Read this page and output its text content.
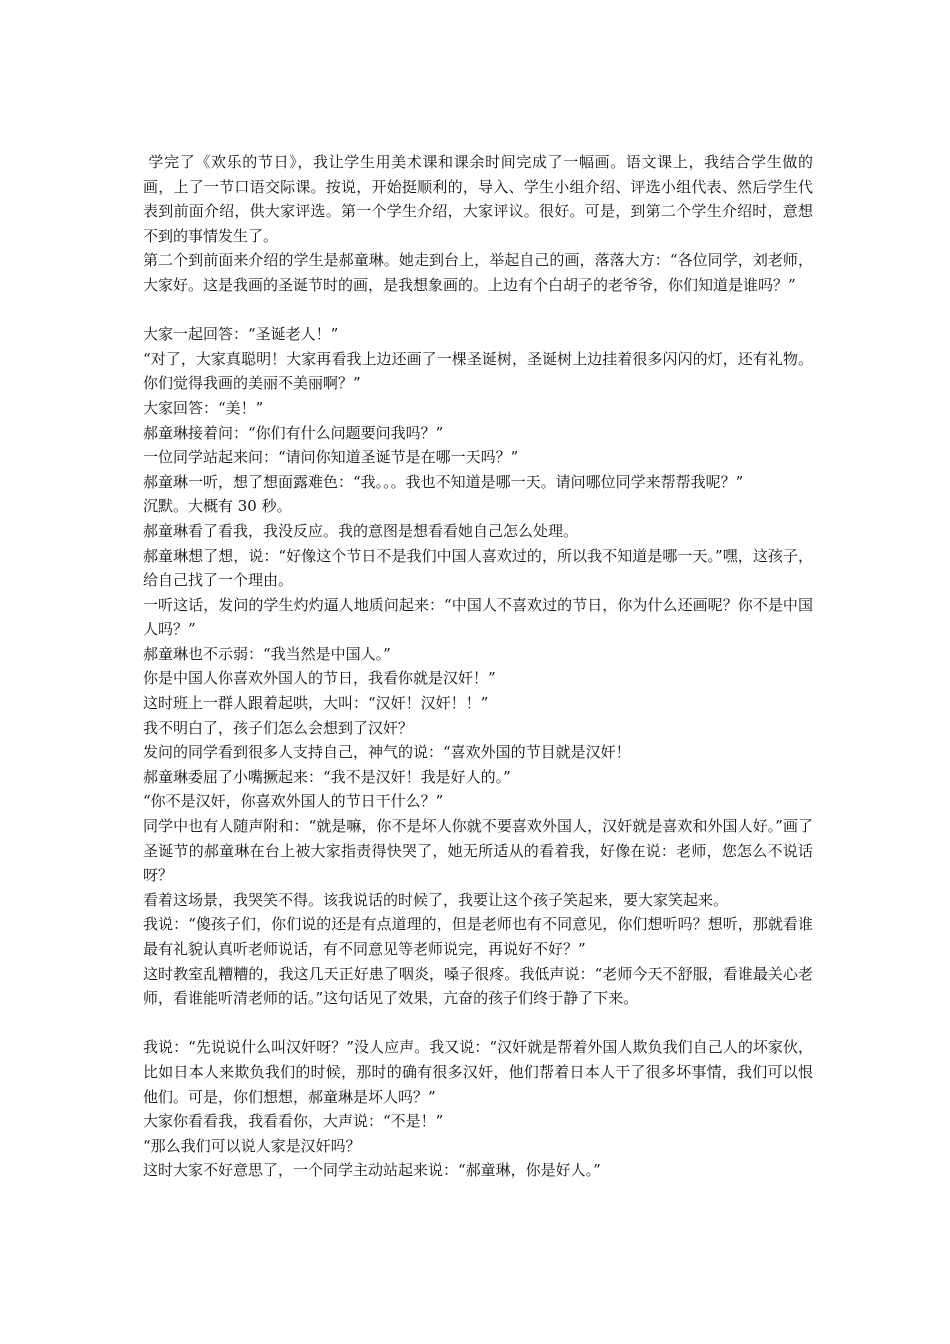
学完了《欢乐的节日》，我让学生用美术课和课余时间完成了一幅画。语文课上，我结合学生做的画，上了一节口语交际课。按说，开始挺顺利的，导入、学生小组介绍、评选小组代表、然后学生代表到前面介绍，供大家评选。第一个学生介绍，大家评议。很好。可是，到第二个学生介绍时，意想不到的事情发生了。

第二个到前面来介绍的学生是郝童琳。她走到台上，举起自己的画，落落大方：“各位同学，刘老师，大家好。这是我画的圣诞节时的画，是我想象画的。上边有个白胡子的老爷爷，你们知道是谁吗？”

大家一起回答：“圣诞老人！”

“对了，大家真聪明！大家再看我上边还画了一棵圣诞树，圣诞树上边挂着很多闪闪的灯，还有礼物。你们觉得我画的美丽不美丽啊？”

大家回答：“美！”

郝童琳接着问：“你们有什么问题要问我吗？”

一位同学站起来问：“请问你知道圣诞节是在哪一天吗？”

郝童琳一听，想了想面露难色：“我。。。我也不知道是哪一天。请问哪位同学来帮帮我呢？”

沉默。大概有 30 秒。

郝童琳看了看我，我没反应。我的意图是想看看她自己怎么处理。

郝童琳想了想，说：“好像这个节日不是我们中国人喜欢过的，所以我不知道是哪一天。”嘿，这孩子，给自己找了一个理由。

一听这话，发问的学生灼灼逼人地质问起来：“中国人不喜欢过的节日，你为什么还画呢？你不是中国人吗？”

郝童琳也不示弱：“我当然是中国人。”

你是中国人你喜欢外国人的节日，我看你就是汉奸！”

这时班上一群人跟着起哄，大叫：“汉奸！汉奸！！”

我不明白了，孩子们怎么会想到了汉奸？

发问的同学看到很多人支持自己，神气的说：“喜欢外国的节目就是汉奸！

郝童琳委屈了小嘴撅起来：“我不是汉奸！我是好人的。”

“你不是汉奸，你喜欢外国人的节日干什么？”

同学中也有人随声附和：“就是嘛，你不是坏人你就不要喜欢外国人，汉奸就是喜欢和外国人好。”画了圣诞节的郝童琳在台上被大家指责得快哭了，她无所适从的看着我，好像在说：老师，您怎么不说话呀？

看着这场景，我哭笑不得。该我说话的时候了，我要让这个孩子笑起来，要大家笑起来。

我说：“傻孩子们，你们说的还是有点道理的，但是老师也有不同意见，你们想听吗？想听，那就看谁最有礼貌认真听老师说话，有不同意见等老师说完，再说好不好？”

这时教室乱糟糟的，我这几天正好患了咽炎，嗓子很疼。我低声说：“老师今天不舒服，看谁最关心老师，看谁能听清老师的话。”这句话见了效果，亢奋的孩子们终于静了下来。

我说：“先说说什么叫汉奸呀？”没人应声。我又说：“汉奸就是帮着外国人欺负我们自己人的坏家伙，比如日本人来欺负我们的时候，那时的确有很多汉奸，他们帮着日本人干了很多坏事情，我们可以恨他们。可是，你们想想，郝童琳是坏人吗？”

大家你看看我，我看看你，大声说：“不是！”

“那么我们可以说人家是汉奸吗？

这时大家不好意思了，一个同学主动站起来说：“郝童琳，你是好人。”
